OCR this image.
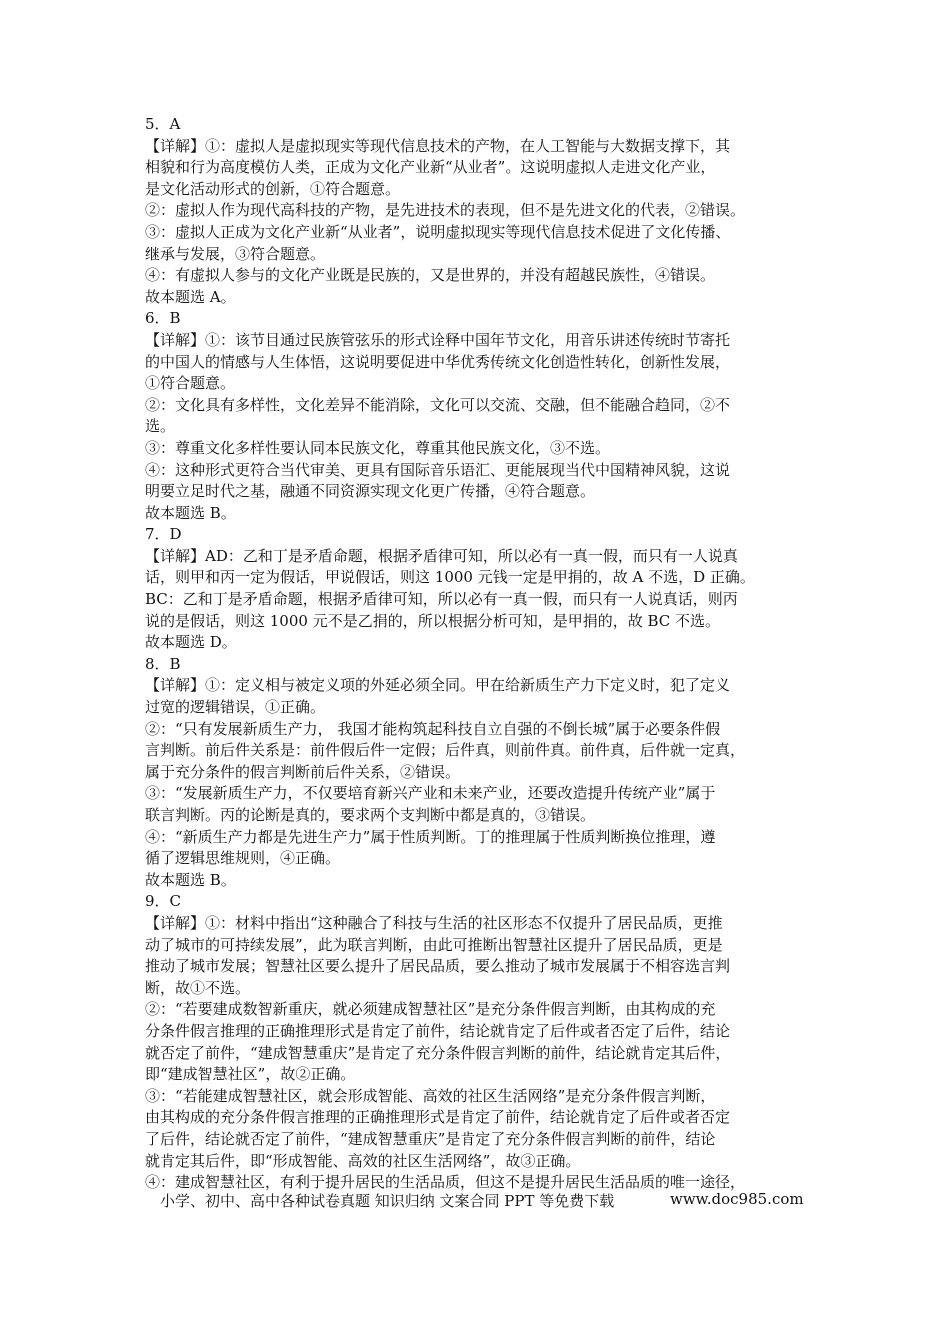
5．A
【详解】①：虚拟人是虚拟现实等现代信息技术的产物，在人工智能与大数据支撑下，其
相貌和行为高度模仿人类，正成为文化产业新“从业者”。这说明虚拟人走进文化产业，
是文化活动形式的创新，①符合题意。
②：虚拟人作为现代高科技的产物，是先进技术的表现，但不是先进文化的代表，②错误。
③：虚拟人正成为文化产业新“从业者”，说明虚拟现实等现代信息技术促进了文化传播、
继承与发展，③符合题意。
④：有虚拟人参与的文化产业既是民族的，又是世界的，并没有超越民族性，④错误。
故本题选 A。
6．B
【详解】①：该节目通过民族管弦乐的形式诠释中国年节文化，用音乐讲述传统时节寄托
的中国人的情感与人生体悟，这说明要促进中华优秀传统文化创造性转化，创新性发展，
①符合题意。
②：文化具有多样性，文化差异不能消除，文化可以交流、交融，但不能融合趋同，②不
选。
③：尊重文化多样性要认同本民族文化，尊重其他民族文化，③不选。
④：这种形式更符合当代审美、更具有国际音乐语汇、更能展现当代中国精神风貌，这说
明要立足时代之基，融通不同资源实现文化更广传播，④符合题意。
故本题选 B。
7．D
【详解】AD：乙和丁是矛盾命题，根据矛盾律可知，所以必有一真一假，而只有一人说真
话，则甲和丙一定为假话，甲说假话，则这 1000 元钱一定是甲捐的，故 A 不选，D 正确。
BC：乙和丁是矛盾命题，根据矛盾律可知，所以必有一真一假，而只有一人说真话，则丙
说的是假话，则这 1000 元不是乙捐的，所以根据分析可知，是甲捐的，故 BC 不选。
故本题选 D。
8．B
【详解】①：定义相与被定义项的外延必须全同。甲在给新质生产力下定义时，犯了定义
过宽的逻辑错误，①正确。
②：“只有发展新质生产力， 我国才能构筑起科技自立自强的不倒长城”属于必要条件假
言判断。前后件关系是：前件假后件一定假；后件真，则前件真。前件真，后件就一定真，
属于充分条件的假言判断前后件关系，②错误。
③：“发展新质生产力，不仅要培育新兴产业和未来产业，还要改造提升传统产业”属于
联言判断。丙的论断是真的，要求两个支判断中都是真的，③错误。
④：“新质生产力都是先进生产力”属于性质判断。丁的推理属于性质判断换位推理，遵
循了逻辑思维规则，④正确。
故本题选 B。
9．C
【详解】①：材料中指出“这种融合了科技与生活的社区形态不仅提升了居民品质，更推
动了城市的可持续发展”，此为联言判断，由此可推断出智慧社区提升了居民品质，更是
推动了城市发展；智慧社区要么提升了居民品质，要么推动了城市发展属于不相容选言判
断，故①不选。
②：“若要建成数智新重庆，就必须建成智慧社区”是充分条件假言判断，由其构成的充
分条件假言推理的正确推理形式是肯定了前件，结论就肯定了后件或者否定了后件，结论
就否定了前件，“建成智慧重庆”是肯定了充分条件假言判断的前件，结论就肯定其后件，
即“建成智慧社区”，故②正确。
③：“若能建成智慧社区，就会形成智能、高效的社区生活网络”是充分条件假言判断，
由其构成的充分条件假言推理的正确推理形式是肯定了前件，结论就肯定了后件或者否定
了后件，结论就否定了前件，“建成智慧重庆”是肯定了充分条件假言判断的前件，结论
就肯定其后件，即“形成智能、高效的社区生活网络”，故③正确。
④：建成智慧社区，有利于提升居民的生活品质，但这不是提升居民生活品质的唯一途径，
小学、初中、高中各种试卷真题 知识归纳 文案合同 PPT 等免费下载	www.doc985.com
